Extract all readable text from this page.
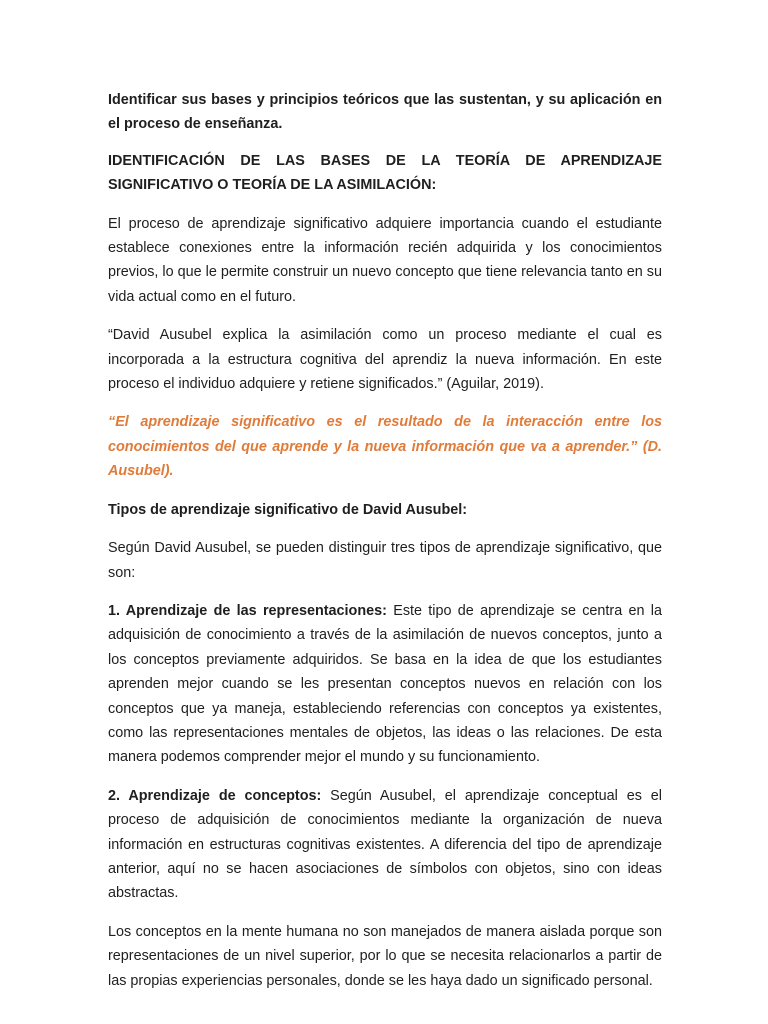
Identificar sus bases y principios teóricos que las sustentan, y su aplicación en el proceso de enseñanza.

IDENTIFICACIÓN DE LAS BASES DE LA TEORÍA DE APRENDIZAJE SIGNIFICATIVO O TEORÍA DE LA ASIMILACIÓN:

El proceso de aprendizaje significativo adquiere importancia cuando el estudiante establece conexiones entre la información recién adquirida y los conocimientos previos, lo que le permite construir un nuevo concepto que tiene relevancia tanto en su vida actual como en el futuro.

“David Ausubel explica la asimilación como un proceso mediante el cual es incorporada a la estructura cognitiva del aprendiz la nueva información. En este proceso el individuo adquiere y retiene significados.” (Aguilar, 2019).

“El aprendizaje significativo es el resultado de la interacción entre los conocimientos del que aprende y la nueva información que va a aprender.” (D. Ausubel).

Tipos de aprendizaje significativo de David Ausubel:

Según David Ausubel, se pueden distinguir tres tipos de aprendizaje significativo, que son:

1. Aprendizaje de las representaciones: Este tipo de aprendizaje se centra en la adquisición de conocimiento a través de la asimilación de nuevos conceptos, junto a los conceptos previamente adquiridos. Se basa en la idea de que los estudiantes aprenden mejor cuando se les presentan conceptos nuevos en relación con los conceptos que ya maneja, estableciendo referencias con conceptos ya existentes, como las representaciones mentales de objetos, las ideas o las relaciones. De esta manera podemos comprender mejor el mundo y su funcionamiento.

2. Aprendizaje de conceptos: Según Ausubel, el aprendizaje conceptual es el proceso de adquisición de conocimientos mediante la organización de nueva información en estructuras cognitivas existentes. A diferencia del tipo de aprendizaje anterior, aquí no se hacen asociaciones de símbolos con objetos, sino con ideas abstractas.

Los conceptos en la mente humana no son manejados de manera aislada porque son representaciones de un nivel superior, por lo que se necesita relacionarlos a partir de las propias experiencias personales, donde se les haya dado un significado personal.
